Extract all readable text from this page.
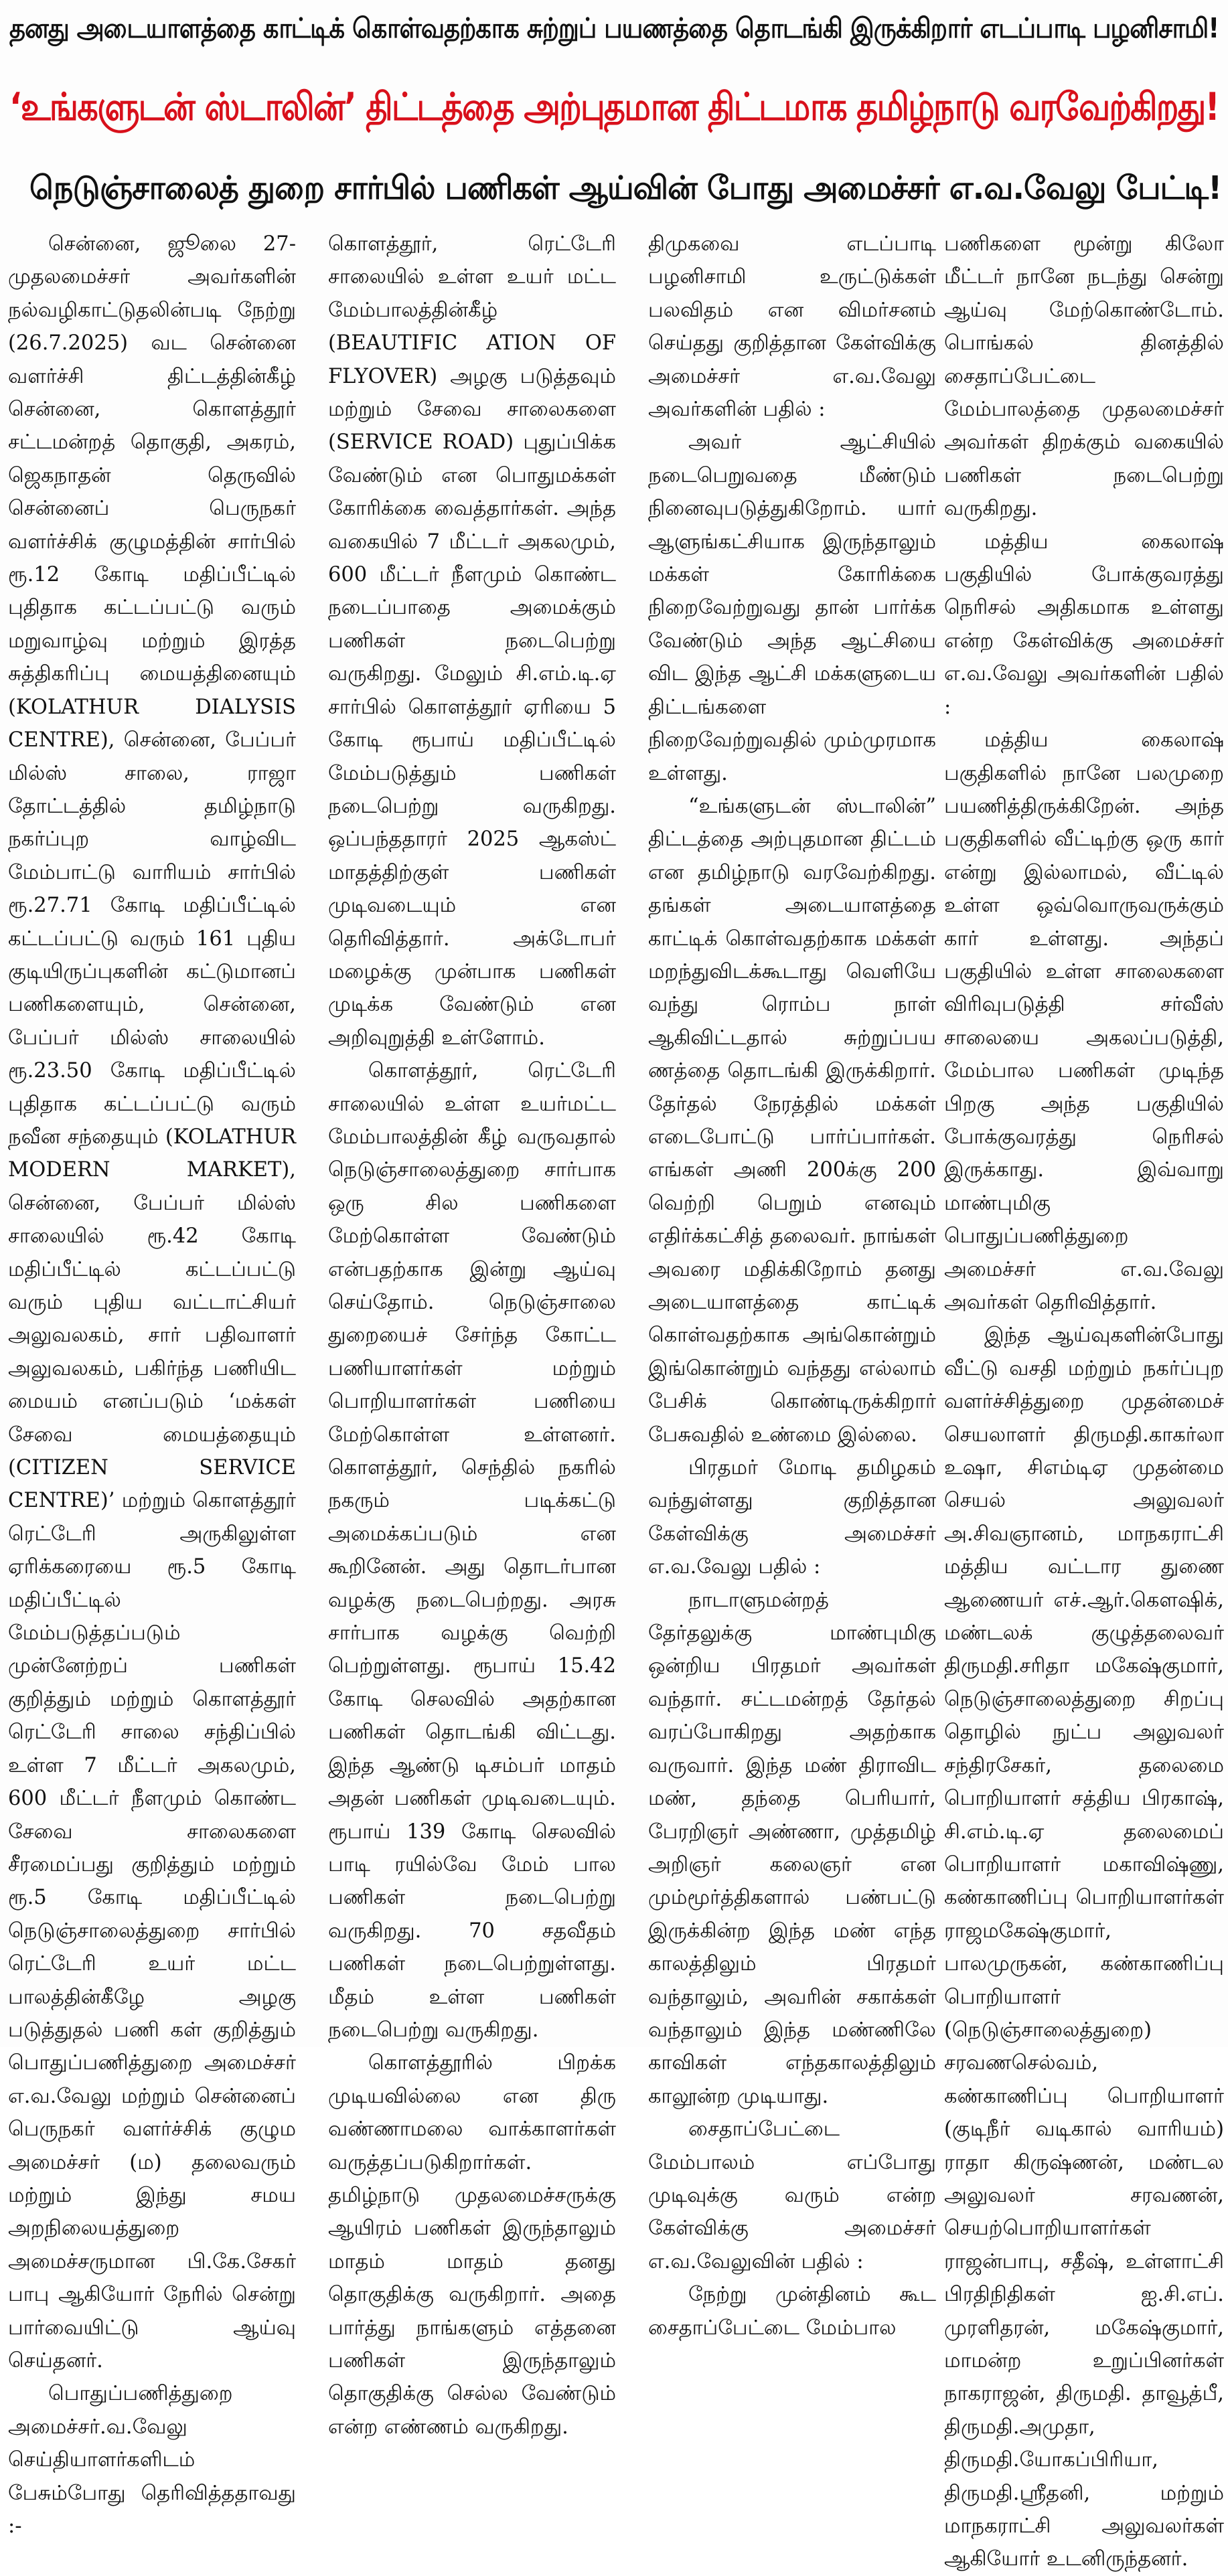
தனது அடையாளத்தை காட்டிக் கொள்வதற்காக சுற்றுப் பயணத்தை தொடங்கி இருக்கிறார் எடப்பாடி பழனிசாமி!
‘உங்களுடன் ஸ்டாலின்’ திட்டத்தை அற்புதமான திட்டமாக தமிழ்நாடு வரவேற்கிறது!
நெடுஞ்சாலைத் துறை சார்பில் பணிகள் ஆய்வின் போது அமைச்சர் எ.வ.வேலு பேட்டி!

சென்னை, ஜூலை 27- முதலமைச்சர் அவர்களின் நல்வழிகாட்டுதலின்படி நேற்று (26.7.2025) வட சென்னை வளர்ச்சி திட்டத்தின்கீழ் சென்னை, கொளத்தூர் சட்டமன்றத் தொகுதி, அகரம், ஜெகநாதன் தெருவில் சென்னைப் பெருநகர் வளர்ச்சிக் குழுமத்தின் சார்பில் ரூ.12 கோடி மதிப்பீட்டில் புதிதாக கட்டப்பட்டு வரும் மறுவாழ்வு மற்றும் இரத்த சுத்திகரிப்பு மையத்தினையும் (KOLATHUR DIALYSIS CENTRE), சென்னை, பேப்பர் மில்ஸ் சாலை, ராஜா தோட்டத்தில் தமிழ்நாடு நகர்ப்புற வாழ்விட மேம்பாட்டு வாரியம் சார்பில் ரூ.27.71 கோடி மதிப்பீட்டில் கட்டப்பட்டு வரும் 161 புதிய குடியிருப்புகளின் கட்டுமானப் பணிகளையும், சென்னை, பேப்பர் மில்ஸ் சாலையில் ரூ.23.50 கோடி மதிப்பீட்டில் புதிதாக கட்டப்பட்டு வரும் நவீன சந்தையும் (KOLATHUR MODERN MARKET), சென்னை, பேப்பர் மில்ஸ் சாலையில் ரூ.42 கோடி மதிப்பீட்டில் கட்டப்பட்டு வரும் புதிய வட்டாட்சியர் அலுவலகம், சார் பதிவாளர் அலுவலகம், பகிர்ந்த பணியிட மையம் எனப்படும் ‘மக்கள் சேவை மையத்தையும் (CITIZEN SERVICE CENTRE)’ மற்றும் கொளத்தூர் ரெட்டேரி அருகிலுள்ள ஏரிக்கரையை ரூ.5 கோடி மதிப்பீட்டில் மேம்படுத்தப்படும் முன்னேற்றப் பணிகள் குறித்தும் மற்றும் கொளத்தூர் ரெட்டேரி சாலை சந்திப்பில் உள்ள 7 மீட்டர் அகலமும், 600 மீட்டர் நீளமும் கொண்ட சேவை சாலைகளை சீரமைப்பது குறித்தும் மற்றும் ரூ.5 கோடி மதிப்பீட்டில் நெடுஞ்சாலைத்துறை சார்பில் ரெட்டேரி உயர் மட்ட பாலத்தின்கீழே அழகு படுத்துதல் பணி கள் குறித்தும் பொதுப்பணித்துறை அமைச்சர் எ.வ.வேலு மற்றும் சென்னைப் பெருநகர் வளர்ச்சிக் குழும அமைச்சர் (ம) தலைவரும் மற்றும் இந்து சமய அறநிலையத்துறை அமைச்சருமான பி.கே.சேகர் பாபு ஆகியோர் நேரில் சென்று பார்வையிட்டு ஆய்வு செய்தனர்.

பொதுப்பணித்துறை அமைச்சர்.வ.வேலு செய்தியாளர்களிடம் பேசும்போது தெரிவித்ததாவது :-

கொளத்தூர், ரெட்டேரி சாலையில் உள்ள உயர் மட்ட மேம்பாலத்தின்கீழ் (BEAUTIFIC ATION OF FLYOVER) அழகு படுத்தவும் மற்றும் சேவை சாலைகளை (SERVICE ROAD) புதுப்பிக்க வேண்டும் என பொதுமக்கள் கோரிக்கை வைத்தார்கள். அந்த வகையில் 7 மீட்டர் அகலமும், 600 மீட்டர் நீளமும் கொண்ட நடைப்பாதை அமைக்கும் பணிகள் நடைபெற்று வருகிறது. மேலும் சி.எம்.டி.ஏ சார்பில் கொளத்தூர் ஏரியை 5 கோடி ரூபாய் மதிப்பீட்டில் மேம்படுத்தும் பணிகள் நடைபெற்று வருகிறது. ஒப்பந்ததாரர் 2025 ஆகஸ்ட் மாதத்திற்குள் பணிகள் முடிவடையும் என தெரிவித்தார். அக்டோபர் மழைக்கு முன்பாக பணிகள் முடிக்க வேண்டும் என அறிவுறுத்தி உள்ளோம்.

கொளத்தூர், ரெட்டேரி சாலையில் உள்ள உயர்மட்ட மேம்பாலத்தின் கீழ் வருவதால் நெடுஞ்சாலைத்துறை சார்பாக ஒரு சில பணிகளை மேற்கொள்ள வேண்டும் என்பதற்காக இன்று ஆய்வு செய்தோம். நெடுஞ்சாலை துறையைச் சேர்ந்த கோட்ட பணியாளர்கள் மற்றும் பொறியாளர்கள் பணியை மேற்கொள்ள உள்ளனர். கொளத்தூர், செந்தில் நகரில் நகரும் படிக்கட்டு அமைக்கப்படும் என கூறினேன். அது தொடர்பான வழக்கு நடைபெற்றது. அரசு சார்பாக வழக்கு வெற்றி பெற்றுள்ளது. ரூபாய் 15.42 கோடி செலவில் அதற்கான பணிகள் தொடங்கி விட்டது. இந்த ஆண்டு டிசம்பர் மாதம் அதன் பணிகள் முடிவடையும். ரூபாய் 139 கோடி செலவில் பாடி ரயில்வே மேம் பால பணிகள் நடைபெற்று வருகிறது. 70 சதவீதம் பணிகள் நடைபெற்றுள்ளது. மீதம் உள்ள பணிகள் நடைபெற்று வருகிறது.

கொளத்தூரில் பிறக்க முடியவில்லை என திரு வண்ணாமலை வாக்காளர்கள் வருத்தப்படுகிறார்கள். தமிழ்நாடு முதலமைச்சருக்கு ஆயிரம் பணிகள் இருந்தாலும் மாதம் மாதம் தனது தொகுதிக்கு வருகிறார். அதை பார்த்து நாங்களும் எத்தனை பணிகள் இருந்தாலும் தொகுதிக்கு செல்ல வேண்டும் என்ற எண்ணம் வருகிறது.

திமுகவை எடப்பாடி பழனிசாமி உருட்டுக்கள் பலவிதம் என விமர்சனம் செய்தது குறித்தான கேள்விக்கு அமைச்சர் எ.வ.வேலு அவர்களின் பதில் :

அவர் ஆட்சியில் நடைபெறுவதை மீண்டும் நினைவுபடுத்துகிறோம். யார் ஆளுங்கட்சியாக இருந்தாலும் மக்கள் கோரிக்கை நிறைவேற்றுவது தான் பார்க்க வேண்டும் அந்த ஆட்சியை விட இந்த ஆட்சி மக்களுடைய திட்டங்களை நிறைவேற்றுவதில் மும்முரமாக உள்ளது.

“உங்களுடன் ஸ்டாலின்” திட்டத்தை அற்புதமான திட்டம் என தமிழ்நாடு வரவேற்கிறது. தங்கள் அடையாளத்தை காட்டிக் கொள்வதற்காக மக்கள் மறந்துவிடக்கூடாது வெளியே வந்து ரொம்ப நாள் ஆகிவிட்டதால் சுற்றுப்பய ணத்தை தொடங்கி இருக்கிறார். தேர்தல் நேரத்தில் மக்கள் எடைபோட்டு பார்ப்பார்கள். எங்கள் அணி 200க்கு 200 வெற்றி பெறும் எனவும் எதிர்க்கட்சித் தலைவர். நாங்கள் அவரை மதிக்கிறோம் தனது அடையாளத்தை காட்டிக் கொள்வதற்காக அங்கொன்றும் இங்கொன்றும் வந்தது எல்லாம் பேசிக் கொண்டிருக்கிறார் பேசுவதில் உண்மை இல்லை.

பிரதமர் மோடி தமிழகம் வந்துள்ளது குறித்தான கேள்விக்கு அமைச்சர் எ.வ.வேலு பதில் :

நாடாளுமன்றத் தேர்தலுக்கு மாண்புமிகு ஒன்றிய பிரதமர் அவர்கள் வந்தார். சட்டமன்றத் தேர்தல் வரப்போகிறது அதற்காக வருவார். இந்த மண் திராவிட மண், தந்தை பெரியார், பேரறிஞர் அண்ணா, முத்தமிழ் அறிஞர் கலைஞர் என மும்மூர்த்திகளால் பண்பட்டு இருக்கின்ற இந்த மண் எந்த காலத்திலும் பிரதமர் வந்தாலும், அவரின் சகாக்கள் வந்தாலும் இந்த மண்ணிலே காவிகள் எந்தகாலத்திலும் காலூன்ற முடியாது.

சைதாப்பேட்டை மேம்பாலம் எப்போது முடிவுக்கு வரும் என்ற கேள்விக்கு அமைச்சர் எ.வ.வேலுவின் பதில் :

நேற்று முன்தினம் கூட சைதாப்பேட்டை மேம்பால

பணிகளை மூன்று கிலோ மீட்டர் நானே நடந்து சென்று ஆய்வு மேற்கொண்டோம். பொங்கல் தினத்தில் சைதாப்பேட்டை மேம்பாலத்தை முதலமைச்சர் அவர்கள் திறக்கும் வகையில் பணிகள் நடைபெற்று வருகிறது.

மத்திய கைலாஷ் பகுதியில் போக்குவரத்து நெரிசல் அதிகமாக உள்ளது என்ற கேள்விக்கு அமைச்சர் எ.வ.வேலு அவர்களின் பதில் :

மத்திய கைலாஷ் பகுதிகளில் நானே பலமுறை பயணித்திருக்கிறேன். அந்த பகுதிகளில் வீட்டிற்கு ஒரு கார் என்று இல்லாமல், வீட்டில் உள்ள ஒவ்வொருவருக்கும் கார் உள்ளது. அந்தப் பகுதியில் உள்ள சாலைகளை விரிவுபடுத்தி சர்வீஸ் சாலையை அகலப்படுத்தி, மேம்பால பணிகள் முடிந்த பிறகு அந்த பகுதியில் போக்குவரத்து நெரிசல் இருக்காது. இவ்வாறு மாண்புமிகு பொதுப்பணித்துறை அமைச்சர் எ.வ.வேலு அவர்கள் தெரிவித்தார்.

இந்த ஆய்வுகளின்போது வீட்டு வசதி மற்றும் நகர்ப்புற வளர்ச்சித்துறை முதன்மைச் செயலாளர் திருமதி.காகர்லா உஷா, சிஎம்டிஏ முதன்மை செயல் அலுவலர் அ.சிவஞானம், மாநகராட்சி மத்திய வட்டார துணை ஆணையர் எச்.ஆர்.கௌஷிக், மண்டலக் குழுத்தலைவர் திருமதி.சரிதா மகேஷ்குமார், நெடுஞ்சாலைத்துறை சிறப்பு தொழில் நுட்ப அலுவலர் சந்திரசேகர், தலைமை பொறியாளர் சத்திய பிரகாஷ், சி.எம்.டி.ஏ தலைமைப் பொறியாளர் மகாவிஷ்ணு, கண்காணிப்பு பொறியாளர்கள் ராஜமகேஷ்குமார், பாலமுருகன், கண்காணிப்பு பொறியாளர் (நெடுஞ்சாலைத்துறை) சரவணசெல்வம், கண்காணிப்பு பொறியாளர் (குடிநீர் வடிகால் வாரியம்) ராதா கிருஷ்ணன், மண்டல அலுவலர் சரவணன், செயற்பொறியாளர்கள் ராஜன்பாபு, சதீஷ், உள்ளாட்சி பிரதிநிதிகள் ஐ.சி.எப். முரளிதரன், மகேஷ்குமார், மாமன்ற உறுப்பினர்கள் நாகராஜன், திருமதி. தாவூத்பீ, திருமதி.அமுதா, திருமதி.யோகப்பிரியா, திருமதி.ஸ்ரீதனி, மற்றும் மாநகராட்சி அலுவலர்கள் ஆகியோர் உடனிருந்தனர்.
